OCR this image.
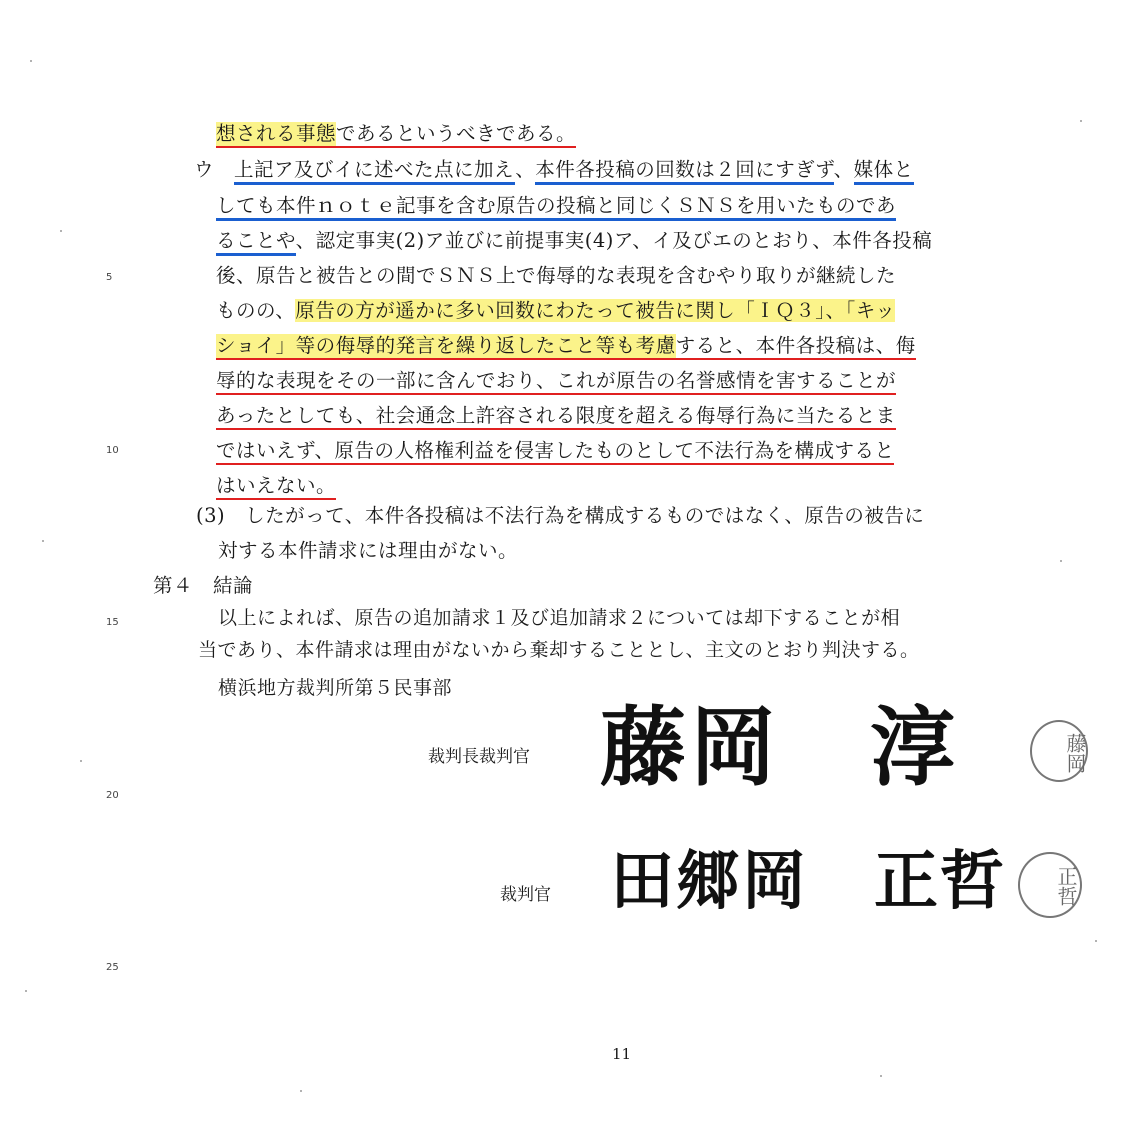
5
10
15
20
25
想される事態であるというべきである。
ウ　上記ア及びイに述べた点に加え、本件各投稿の回数は２回にすぎず、媒体と
しても本件ｎｏｔｅ記事を含む原告の投稿と同じくＳＮＳを用いたものであ
ることや、認定事実(2)ア並びに前提事実(4)ア、イ及びエのとおり、本件各投稿
後、原告と被告との間でＳＮＳ上で侮辱的な表現を含むやり取りが継続した
ものの、原告の方が遥かに多い回数にわたって被告に関し「ＩＱ３」、「キッ
ショイ」等の侮辱的発言を繰り返したこと等も考慮すると、本件各投稿は、侮
辱的な表現をその一部に含んでおり、これが原告の名誉感情を害することが
あったとしても、社会通念上許容される限度を超える侮辱行為に当たるとま
ではいえず、原告の人格権利益を侵害したものとして不法行為を構成すると
はいえない。
(3)　したがって、本件各投稿は不法行為を構成するものではなく、原告の被告に
対する本件請求には理由がない。
第４　結論
以上によれば、原告の追加請求１及び追加請求２については却下することが相
当であり、本件請求は理由がないから棄却することとし、主文のとおり判決する。
横浜地方裁判所第５民事部
裁判長裁判官 藤岡　淳	藤岡
裁判官 田郷岡　正哲	正哲
11
